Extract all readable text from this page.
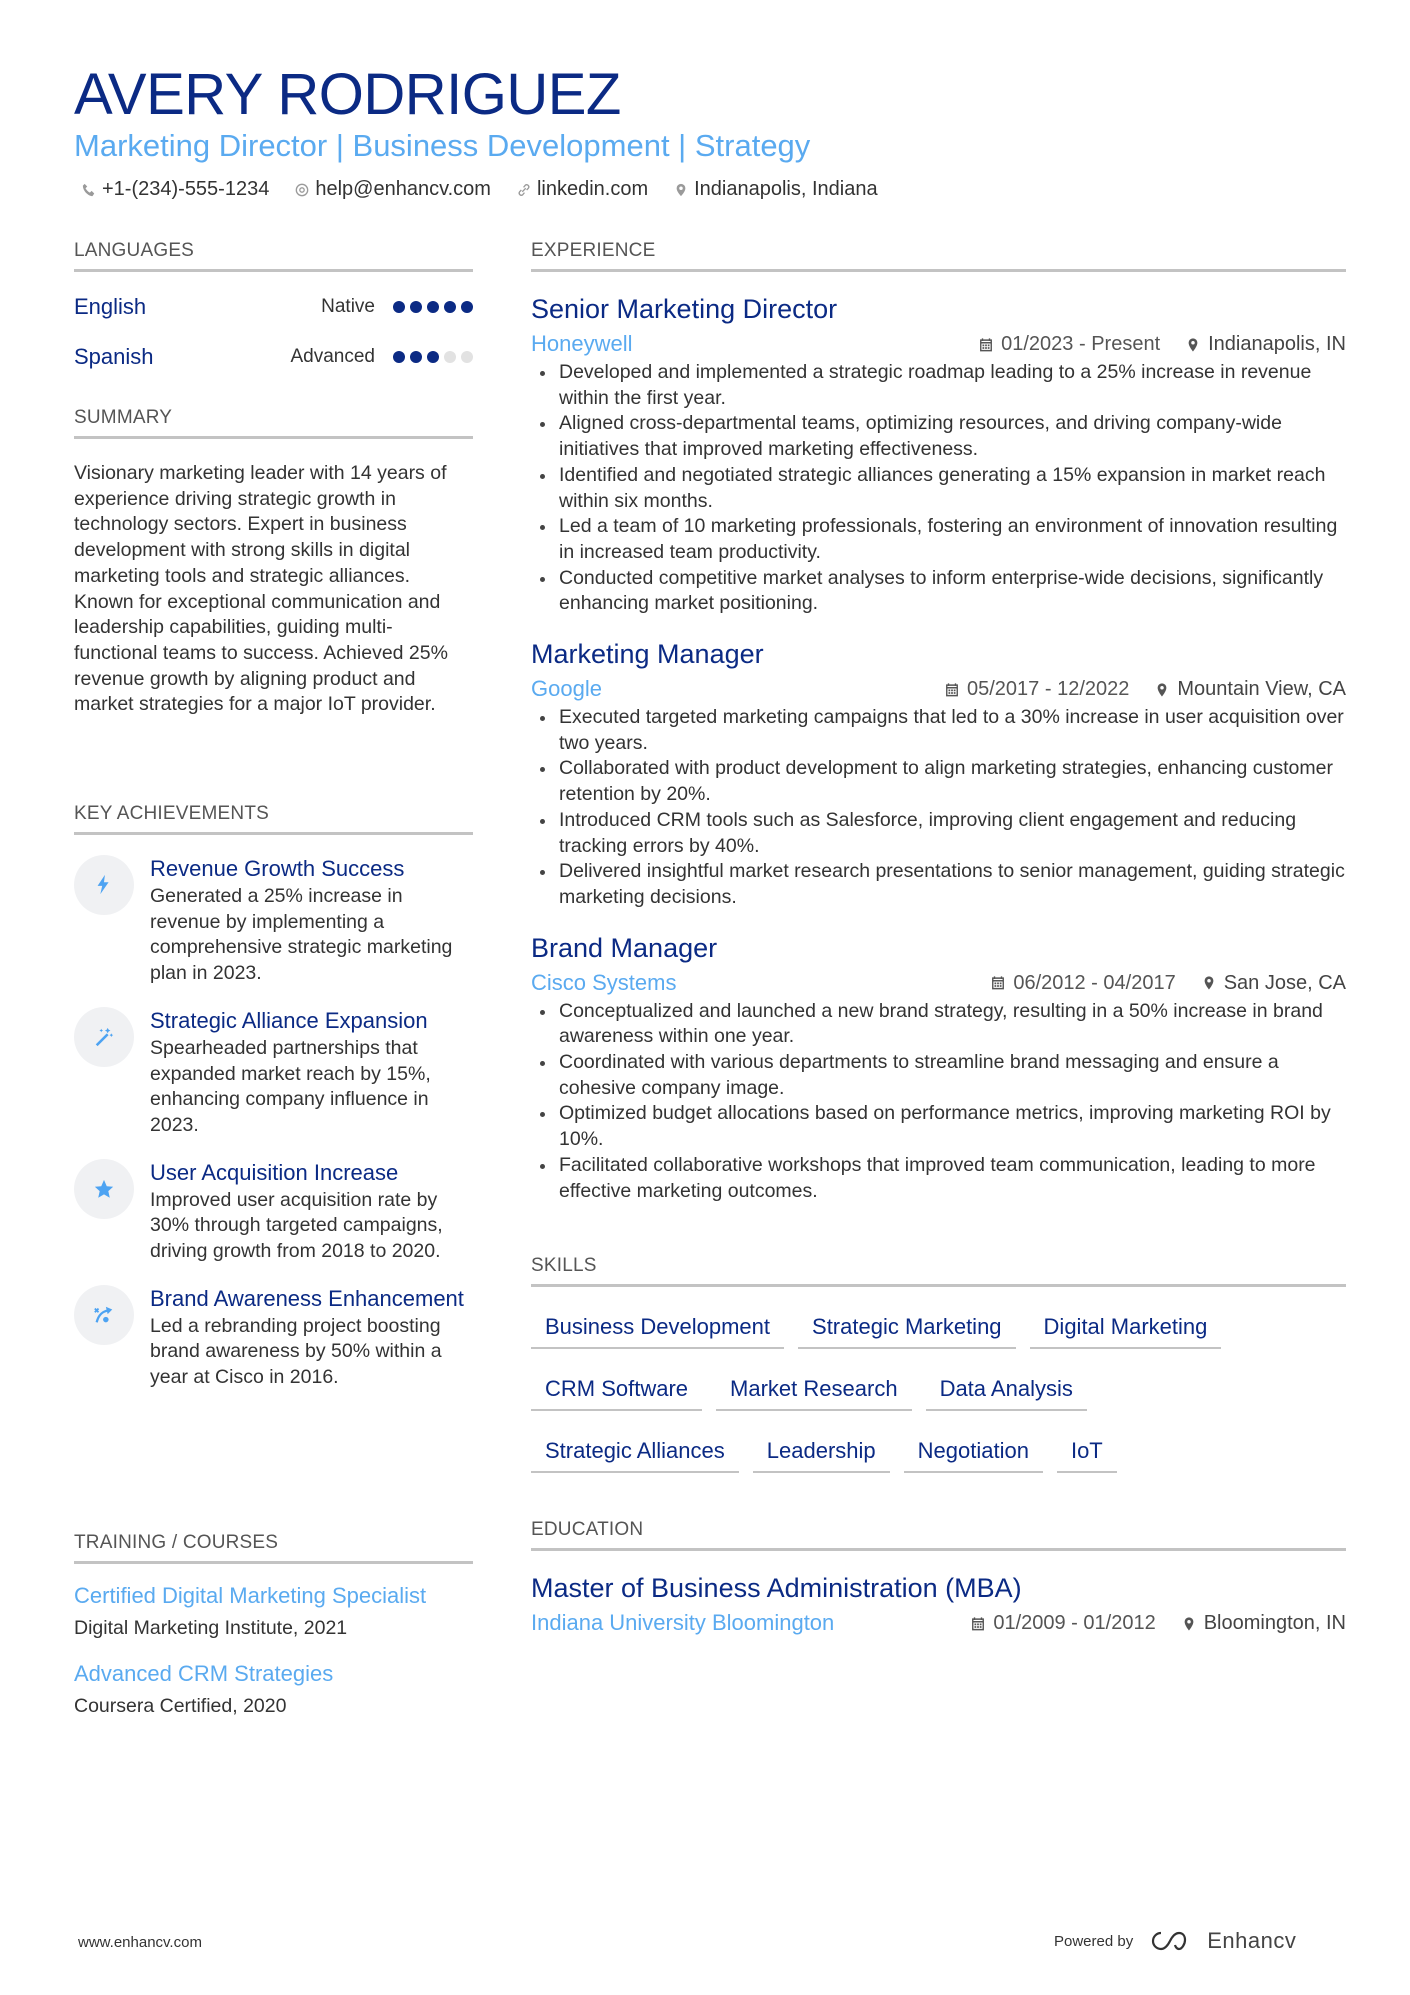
AVERY RODRIGUEZ
Marketing Director | Business Development | Strategy
+1-(234)-555-1234 help@enhancv.com linkedin.com Indianapolis, Indiana
LANGUAGES
English	Native
Spanish	Advanced
SUMMARY
Visionary marketing leader with 14 years of experience driving strategic growth in technology sectors. Expert in business development with strong skills in digital marketing tools and strategic alliances. Known for exceptional communication and leadership capabilities, guiding multi-functional teams to success. Achieved 25% revenue growth by aligning product and market strategies for a major IoT provider.
KEY ACHIEVEMENTS
Revenue Growth Success
Generated a 25% increase in revenue by implementing a comprehensive strategic marketing plan in 2023.
Strategic Alliance Expansion
Spearheaded partnerships that expanded market reach by 15%, enhancing company influence in 2023.
User Acquisition Increase
Improved user acquisition rate by 30% through targeted campaigns, driving growth from 2018 to 2020.
Brand Awareness Enhancement
Led a rebranding project boosting brand awareness by 50% within a year at Cisco in 2016.
TRAINING / COURSES
Certified Digital Marketing Specialist
Digital Marketing Institute, 2021
Advanced CRM Strategies
Coursera Certified, 2020
EXPERIENCE
Senior Marketing Director
Honeywell	01/2023 - Present Indianapolis, IN
Developed and implemented a strategic roadmap leading to a 25% increase in revenue within the first year.
Aligned cross-departmental teams, optimizing resources, and driving company-wide initiatives that improved marketing effectiveness.
Identified and negotiated strategic alliances generating a 15% expansion in market reach within six months.
Led a team of 10 marketing professionals, fostering an environment of innovation resulting in increased team productivity.
Conducted competitive market analyses to inform enterprise-wide decisions, significantly enhancing market positioning.
Marketing Manager
Google	05/2017 - 12/2022 Mountain View, CA
Executed targeted marketing campaigns that led to a 30% increase in user acquisition over two years.
Collaborated with product development to align marketing strategies, enhancing customer retention by 20%.
Introduced CRM tools such as Salesforce, improving client engagement and reducing tracking errors by 40%.
Delivered insightful market research presentations to senior management, guiding strategic marketing decisions.
Brand Manager
Cisco Systems	06/2012 - 04/2017 San Jose, CA
Conceptualized and launched a new brand strategy, resulting in a 50% increase in brand awareness within one year.
Coordinated with various departments to streamline brand messaging and ensure a cohesive company image.
Optimized budget allocations based on performance metrics, improving marketing ROI by 10%.
Facilitated collaborative workshops that improved team communication, leading to more effective marketing outcomes.
SKILLS
Business Development	Strategic Marketing	Digital Marketing
CRM Software	Market Research	Data Analysis
Strategic Alliances	Leadership	Negotiation	IoT
EDUCATION
Master of Business Administration (MBA)
Indiana University Bloomington	01/2009 - 01/2012 Bloomington, IN
www.enhancv.com	Powered by	Enhancv
